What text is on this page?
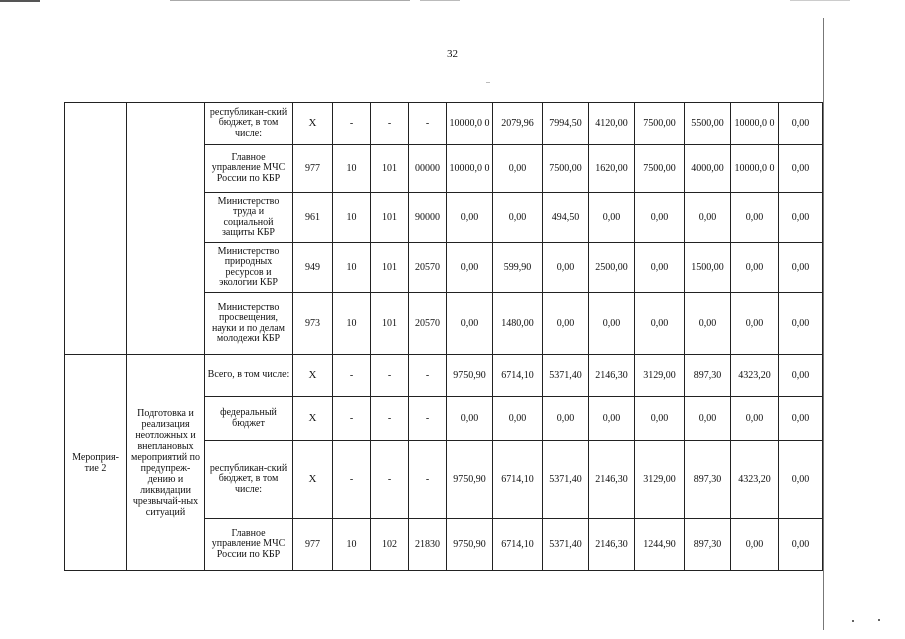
32
		республикан-ский бюджет, в том числе:	Х	-	-	-	10000,0 0	2079,96	7994,50	4120,00	7500,00	5500,00	10000,0 0	0,00
		Главное управление МЧС России по КБР	977	10	101	00000	10000,0 0	0,00	7500,00	1620,00	7500,00	4000,00	10000,0 0	0,00
		Министерство труда и социальной защиты КБР	961	10	101	90000	0,00	0,00	494,50	0,00	0,00	0,00	0,00	0,00
		Министерство природных ресурсов и экологии КБР	949	10	101	20570	0,00	599,90	0,00	2500,00	0,00	1500,00	0,00	0,00
		Министерство просвещения, науки и по делам молодежи КБР	973	10	101	20570	0,00	1480,00	0,00	0,00	0,00	0,00	0,00	0,00
Мероприя-тие 2	Подготовка и реализация неотложных и внеплановых мероприятий по предупреж-дению и ликвидации чрезвычай-ных ситуаций	Всего, в том числе:	Х	-	-	-	9750,90	6714,10	5371,40	2146,30	3129,00	897,30	4323,20	0,00
		федеральный бюджет	Х	-	-	-	0,00	0,00	0,00	0,00	0,00	0,00	0,00	0,00
		республикан-ский бюджет, в том числе:	Х	-	-	-	9750,90	6714,10	5371,40	2146,30	3129,00	897,30	4323,20	0,00
		Главное управление МЧС России по КБР	977	10	102	21830	9750,90	6714,10	5371,40	2146,30	1244,90	897,30	0,00	0,00
